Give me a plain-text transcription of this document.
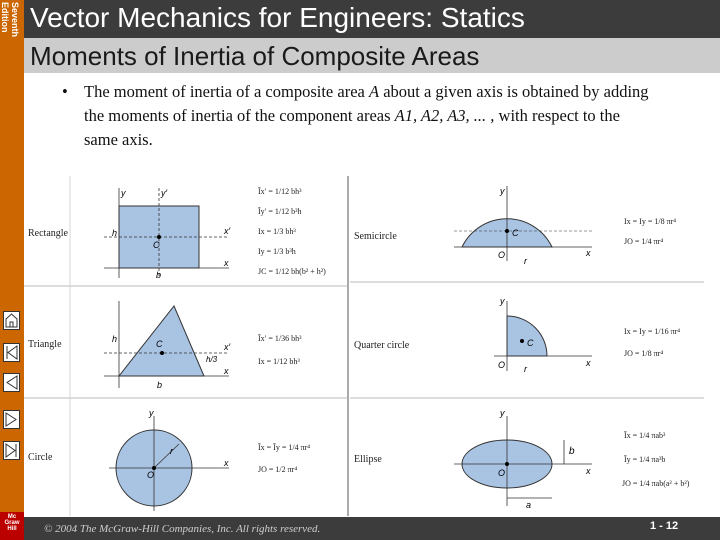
Seventh
Edition Vector Mechanics for Engineers: Statics
Moments of Inertia of Composite Areas
• The moment of inertia of a composite area A about a given axis is obtained by adding the moments of inertia of the component areas A1, A2, A3, ... , with respect to the same axis.
Rectangle
C
h
b
y	y′
x′
x
Īx′ = 1/12 bh³
Īy′ = 1/12 b³h
Ix = 1/3 bh³
Iy = 1/3 b³h
JC = 1/12 bh(b² + h²)
Triangle	C
h
b
h/3
x′
x
Īx′ = 1/36 bh³
Ix = 1/12 bh³
Circle
O
r
y
x
Īx = Īy = 1/4 πr⁴
JO = 1/2 πr⁴
Semicircle	C
O
r
y
x
Ix = Iy = 1/8 πr⁴
JO = 1/4 πr⁴
Quarter circle	C
O r
y
x
Ix = Iy = 1/16 πr⁴
JO = 1/8 πr⁴
Ellipse
O
a
b
y
x
Īx = 1/4 πab³
Īy = 1/4 πa³b
JO = 1/4 πab(a² + b²)
© 2004 The McGraw-Hill Companies, Inc. All rights reserved.	1 - 12
Mc Graw Hill
